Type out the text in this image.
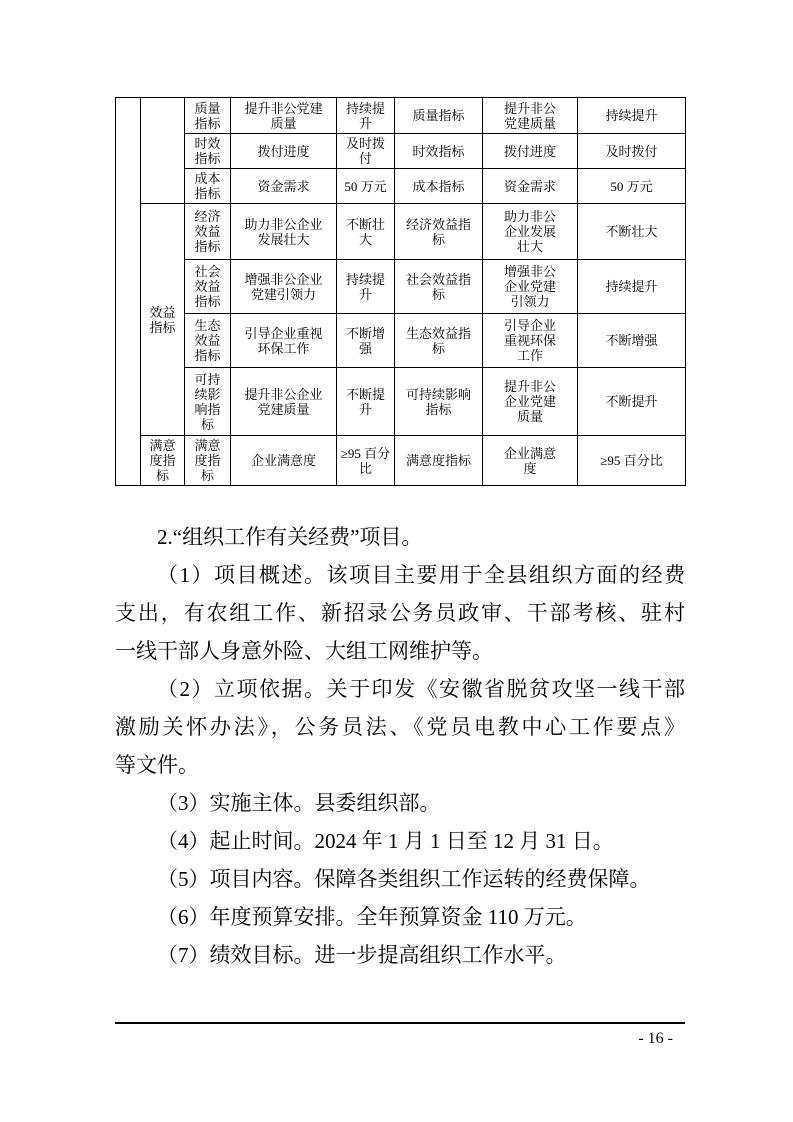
		质量指标	提升非公党建质量	持续提升	质量指标	提升非公党建质量	持续提升
		时效指标	拨付进度	及时拨付	时效指标	拨付进度	及时拨付
		成本指标	资金需求	50 万元	成本指标	资金需求	50 万元
	效益指标	经济效益指标	助力非公企业发展壮大	不断壮大	经济效益指标	助力非公企业发展壮大	不断壮大
		社会效益指标	增强非公企业党建引领力	持续提升	社会效益指标	增强非公企业党建引领力	持续提升
		生态效益指标	引导企业重视环保工作	不断增强	生态效益指标	引导企业重视环保工作	不断增强
		可持续影响指标	提升非公企业党建质量	不断提升	可持续影响指标	提升非公企业党建质量	不断提升
	满意度指标	满意度指标	企业满意度	≥95 百分比	满意度指标	企业满意度	≥95 百分比
2.“组织工作有关经费”项目。
（1）项目概述。该项目主要用于全县组织方面的经费
支出，有农组工作、新招录公务员政审、干部考核、驻村
一线干部人身意外险、大组工网维护等。
（2）立项依据。关于印发《安徽省脱贫攻坚一线干部
激励关怀办法》，公务员法、《党员电教中心工作要点》
等文件。
（3）实施主体。县委组织部。
（4）起止时间。2024 年 1 月 1 日至 12 月 31 日。
（5）项目内容。保障各类组织工作运转的经费保障。
（6）年度预算安排。全年预算资金 110 万元。
（7）绩效目标。进一步提高组织工作水平。
- 16 -
